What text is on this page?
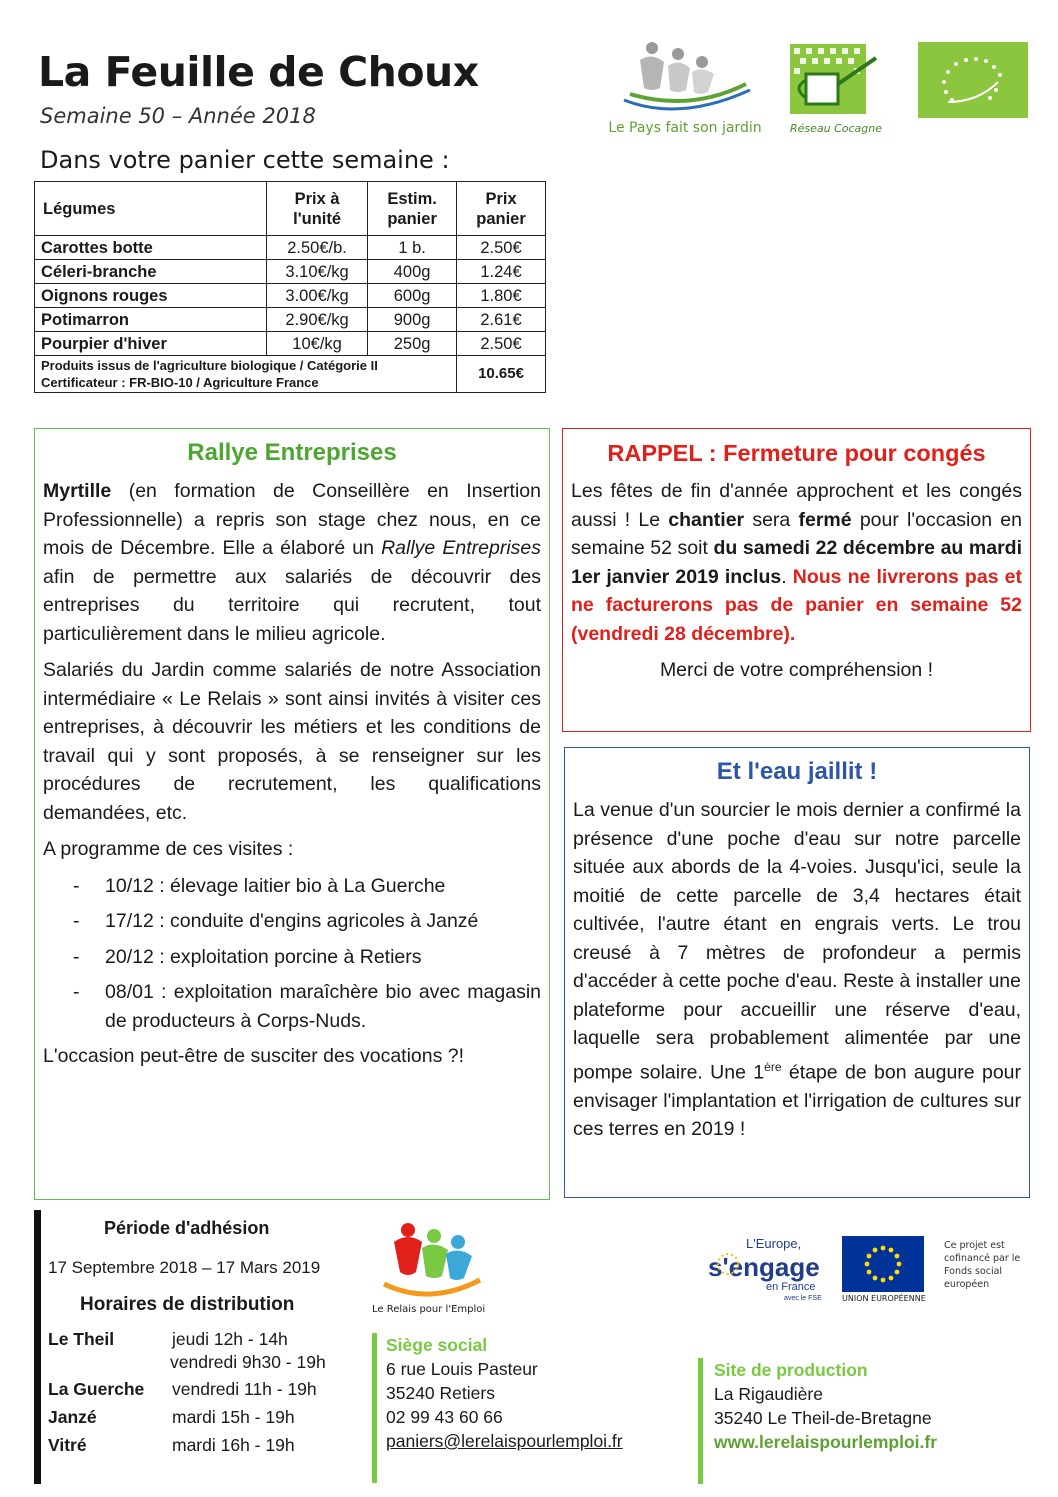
La Feuille de Choux
Semaine 50 – Année 2018
Dans votre panier cette semaine :
Le Pays fait son jardin	Réseau Cocagne
Légumes	Prix à l'unité	Estim. panier	Prix panier
Carottes botte	2.50€/b.	1 b.	2.50€
Céleri-branche	3.10€/kg	400g	1.24€
Oignons rouges	3.00€/kg	600g	1.80€
Potimarron	2.90€/kg	900g	2.61€
Pourpier d'hiver	10€/kg	250g	2.50€
Produits issus de l'agriculture biologique / Catégorie II
Certificateur : FR-BIO-10 / Agriculture France			10.65€
Rallye Entreprises

Myrtille (en formation de Conseillère en Insertion Professionnelle) a repris son stage chez nous, en ce mois de Décembre. Elle a élaboré un Rallye Entreprises afin de permettre aux salariés de découvrir des entreprises du territoire qui recrutent, tout particulièrement dans le milieu agricole.

Salariés du Jardin comme salariés de notre Association intermédiaire « Le Relais » sont ainsi invités à visiter ces entreprises, à découvrir les métiers et les conditions de travail qui y sont proposés, à se renseigner sur les procédures de recrutement, les qualifications demandées, etc.

A programme de ces visites :

- 10/12 : élevage laitier bio à La Guerche
- 17/12 : conduite d'engins agricoles à Janzé
- 20/12 : exploitation porcine à Retiers
- 08/01 : exploitation maraîchère bio avec magasin de producteurs à Corps-Nuds.

L'occasion peut-être de susciter des vocations ?!

RAPPEL : Fermeture pour congés

Les fêtes de fin d'année approchent et les congés aussi ! Le chantier sera fermé pour l'occasion en semaine 52 soit du samedi 22 décembre au mardi 1er janvier 2019 inclus. Nous ne livrerons pas et ne facturerons pas de panier en semaine 52 (vendredi 28 décembre).

Merci de votre compréhension !

Et l'eau jaillit !

La venue d'un sourcier le mois dernier a confirmé la présence d'une poche d'eau sur notre parcelle située aux abords de la 4-voies. Jusqu'ici, seule la moitié de cette parcelle de 3,4 hectares était cultivée, l'autre étant en engrais verts. Le trou creusé à 7 mètres de profondeur a permis d'accéder à cette poche d'eau. Reste à installer une plateforme pour accueillir une réserve d'eau, laquelle sera probablement alimentée par une pompe solaire. Une 1ère étape de bon augure pour envisager l'implantation et l'irrigation de cultures sur ces terres en 2019 !

Période d'adhésion
17 Septembre 2018 – 17 Mars 2019
Horaires de distribution
Le Theil	jeudi 12h - 14h
vendredi 9h30 - 19h
La Guerche vendredi 11h - 19h
Janzé	mardi 15h - 19h
Vitré	mardi 16h - 19h
Le Relais pour l'Emploi
Siège social
6 rue Louis Pasteur
35240 Retiers
02 99 43 60 66
paniers@lerelaispourlemploi.fr
L'Europe,
s'engage
en France
avec le FSE	UNION EUROPÉENNE
Ce projet est cofinancé par le Fonds social européen
Site de production
La Rigaudière
35240 Le Theil-de-Bretagne
www.lerelaispourlemploi.fr
